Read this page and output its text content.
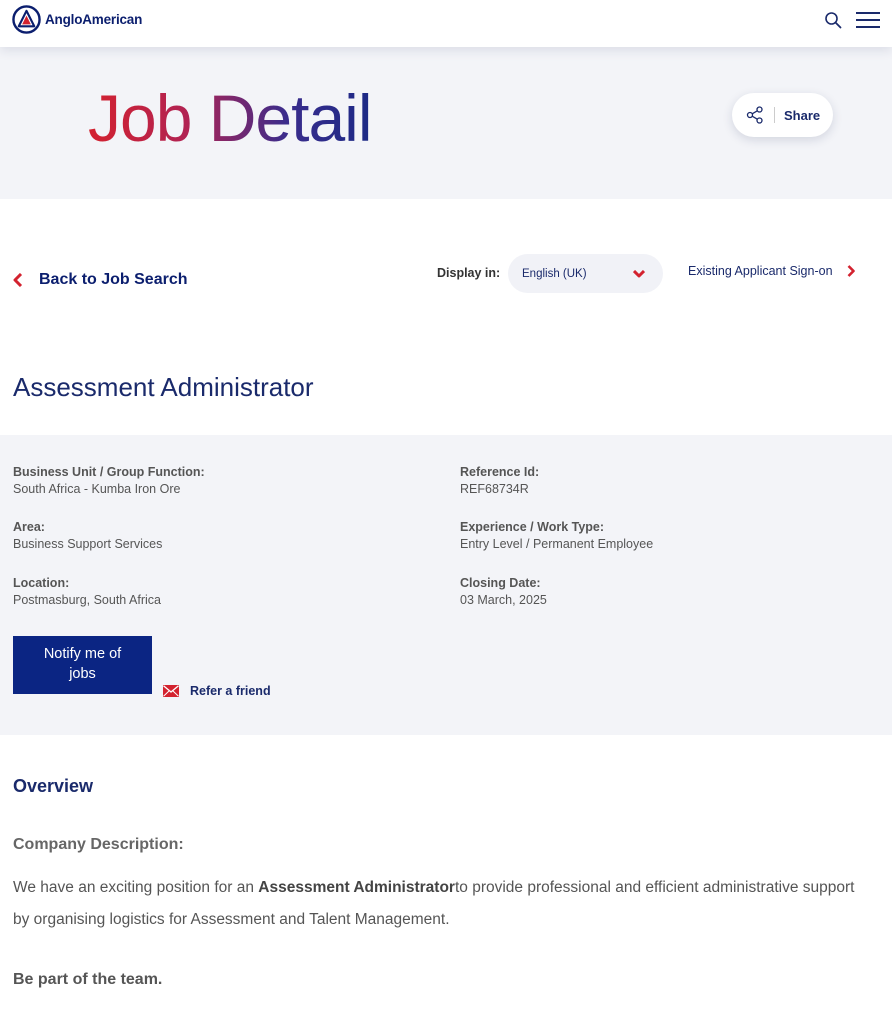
AngloAmerican
Job Detail	Share
Back to Job Search	Display in: English (UK)	Existing Applicant Sign-on
Assessment Administrator
Business Unit / Group Function:
South Africa - Kumba Iron Ore
Area:
Business Support Services
Location:
Postmasburg, South Africa
Reference Id:
REF68734R
Experience / Work Type:
Entry Level / Permanent Employee
Closing Date:
03 March, 2025
Notify me of jobs
Refer a friend
Overview
Company Description:

We have an exciting position for an Assessment Administratorto provide professional and efficient administrative support by organising logistics for Assessment and Talent Management.

Be part of the team.
